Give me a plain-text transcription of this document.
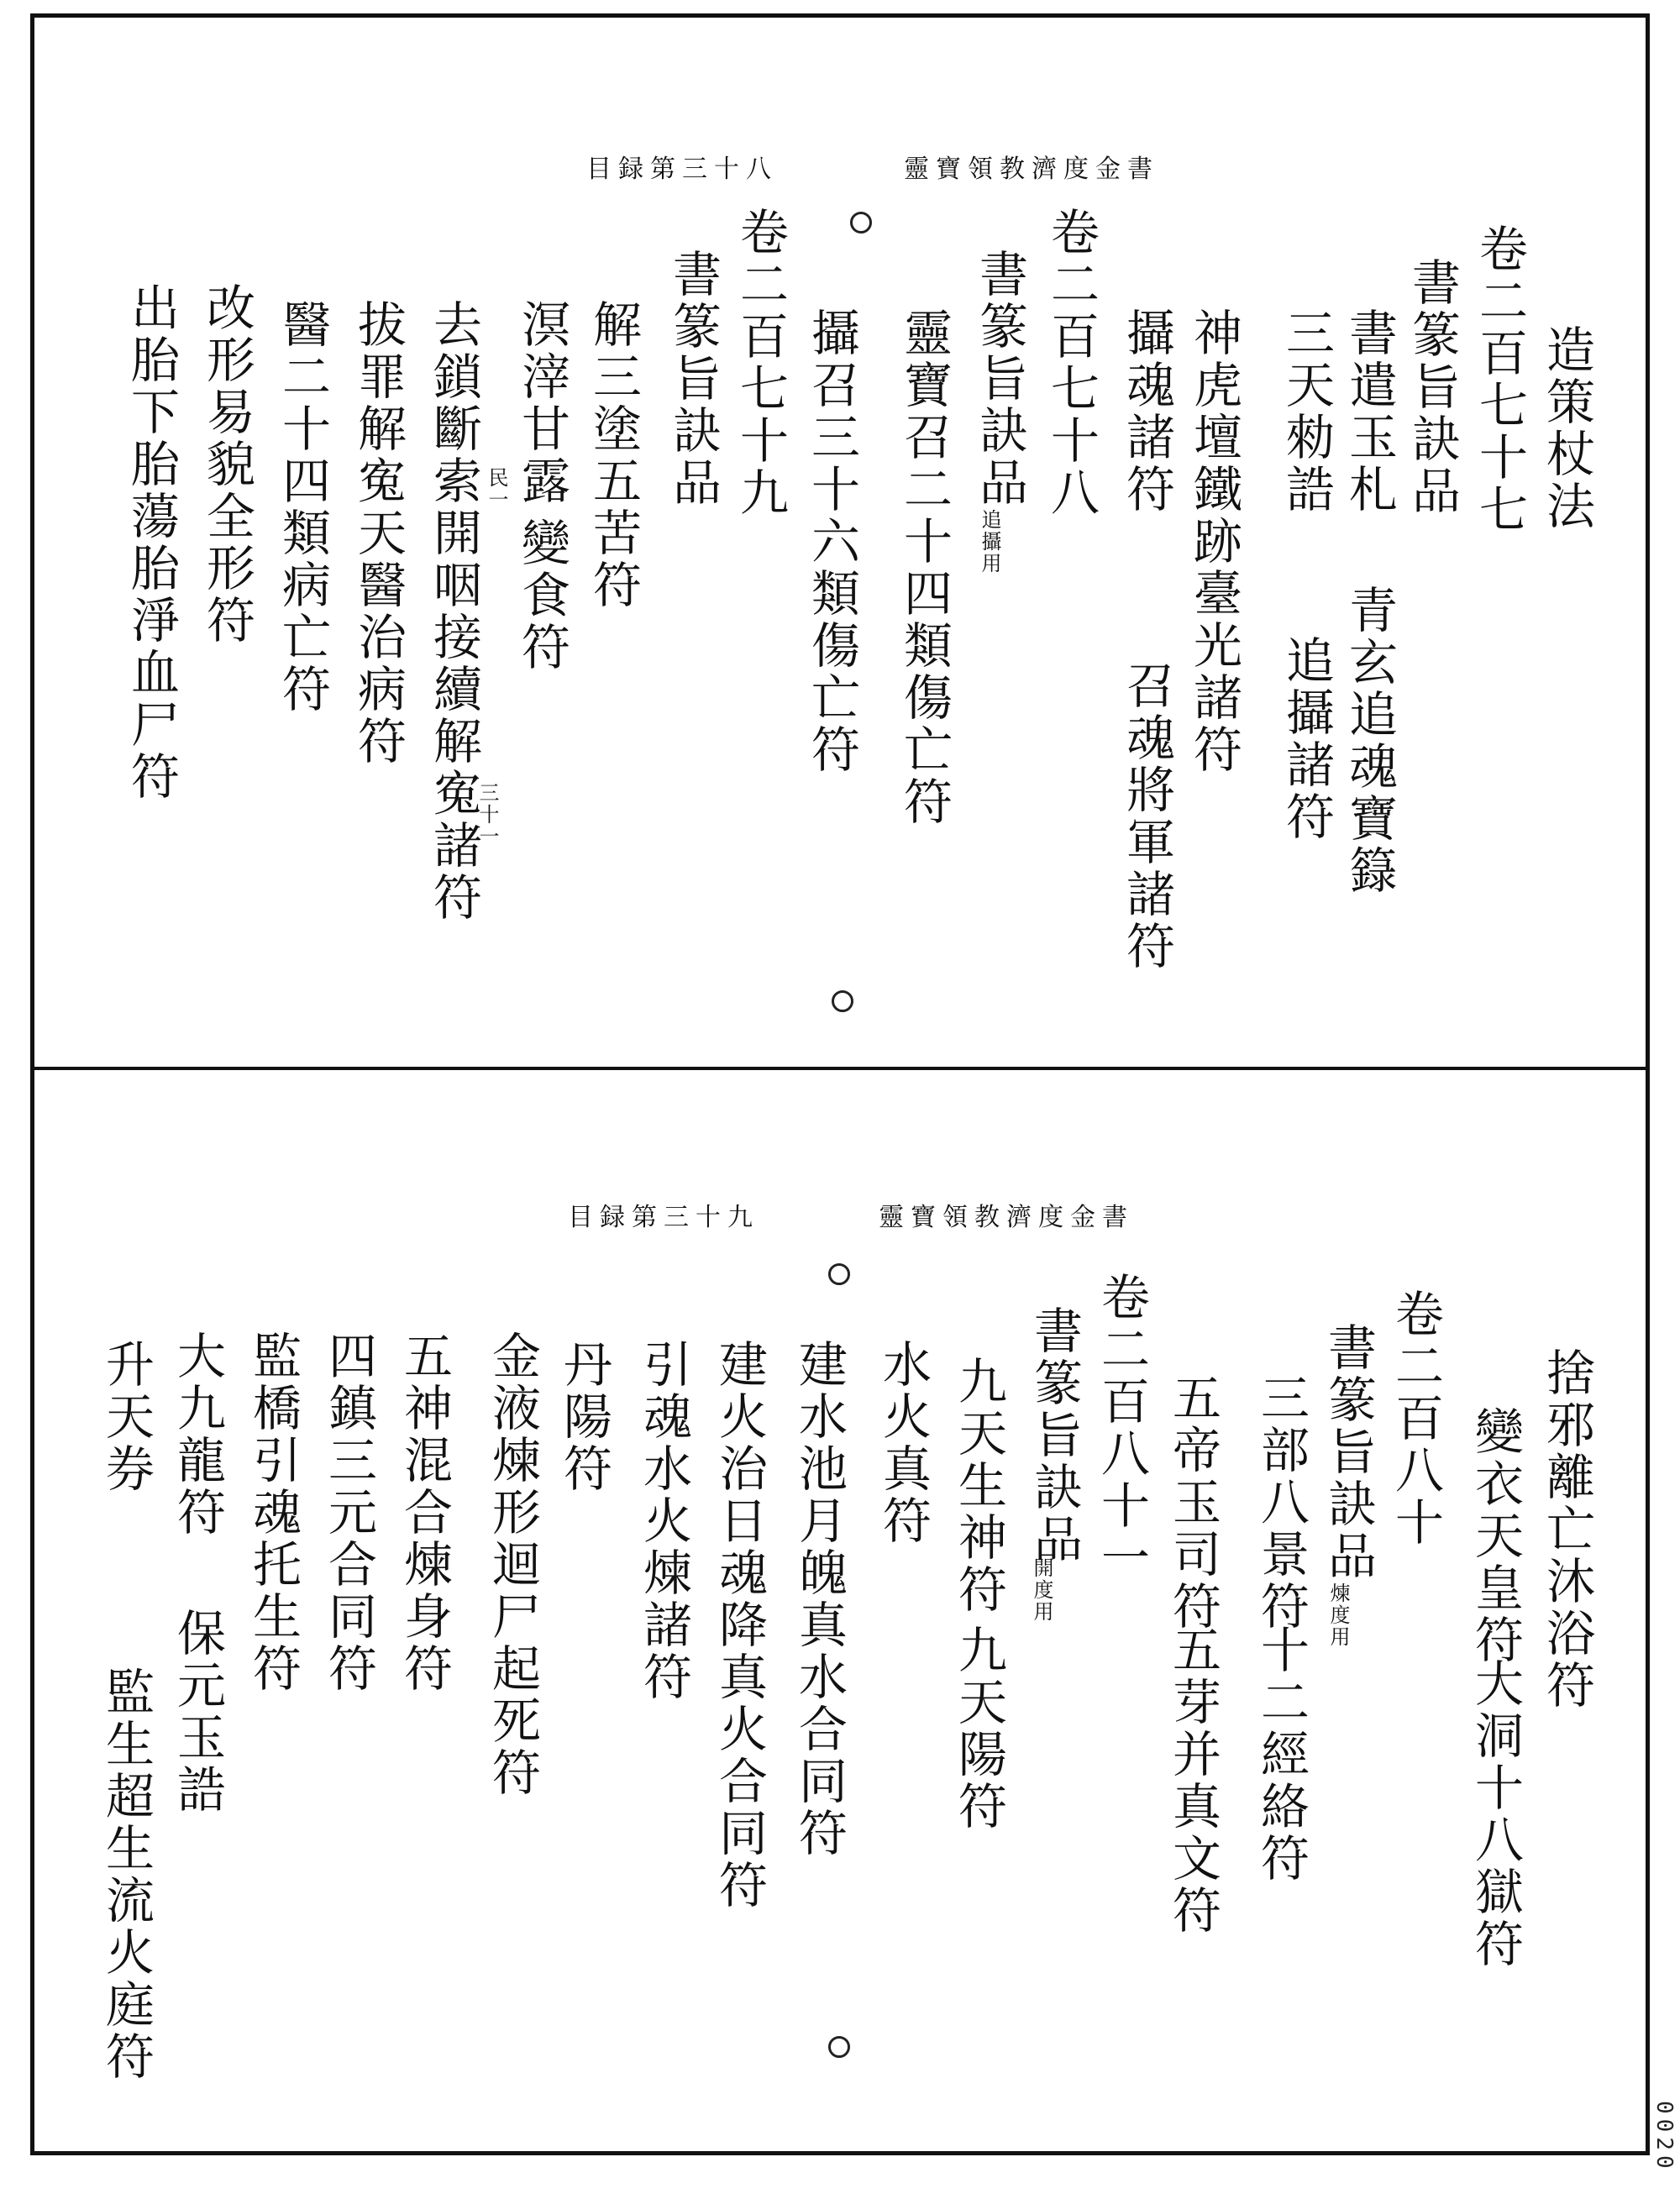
0020
靈寶領教濟度金書
目録第三十八
造策杖法
卷二百七十七
書篆旨訣品
書遣玉札
青玄追魂寶籙
三天勑誥
追攝諸符
神虎壇鐵跡臺光諸符
攝魂諸符
召魂將軍諸符
卷二百七十八
書篆旨訣品
追攝用
靈寶召二十四類傷亡符
攝召三十六類傷亡符
卷二百七十九
書篆旨訣品
解三塗五苦符
溟滓甘露
民一
變食符
去鎖斷索開咽接續解寃諸符
三十一
拔罪解寃天醫治病符
醫二十四類病亡符
改形易貌全形符
出胎下胎蕩胎淨血尸符
靈寶領教濟度金書
目録第三十九
捨邪離亡沐浴符
變衣天皇符
大洞十八獄符
卷二百八十
書篆旨訣品
煉度用
三部八景符
十二經絡符
五帝玉司符
五芽并真文符
卷二百八十一
書篆旨訣品
開度用
九天生神符
九天陽符
水火真符
建水池月魄真水合同符
建火治日魂降真火合同符
引魂水火煉諸符
丹陽符
金液煉形迴尸起死符
五神混合煉身符
四鎮三元合同符
監橋引魂托生符
大九龍符
保元玉誥
升天券
監生超生流火庭符
